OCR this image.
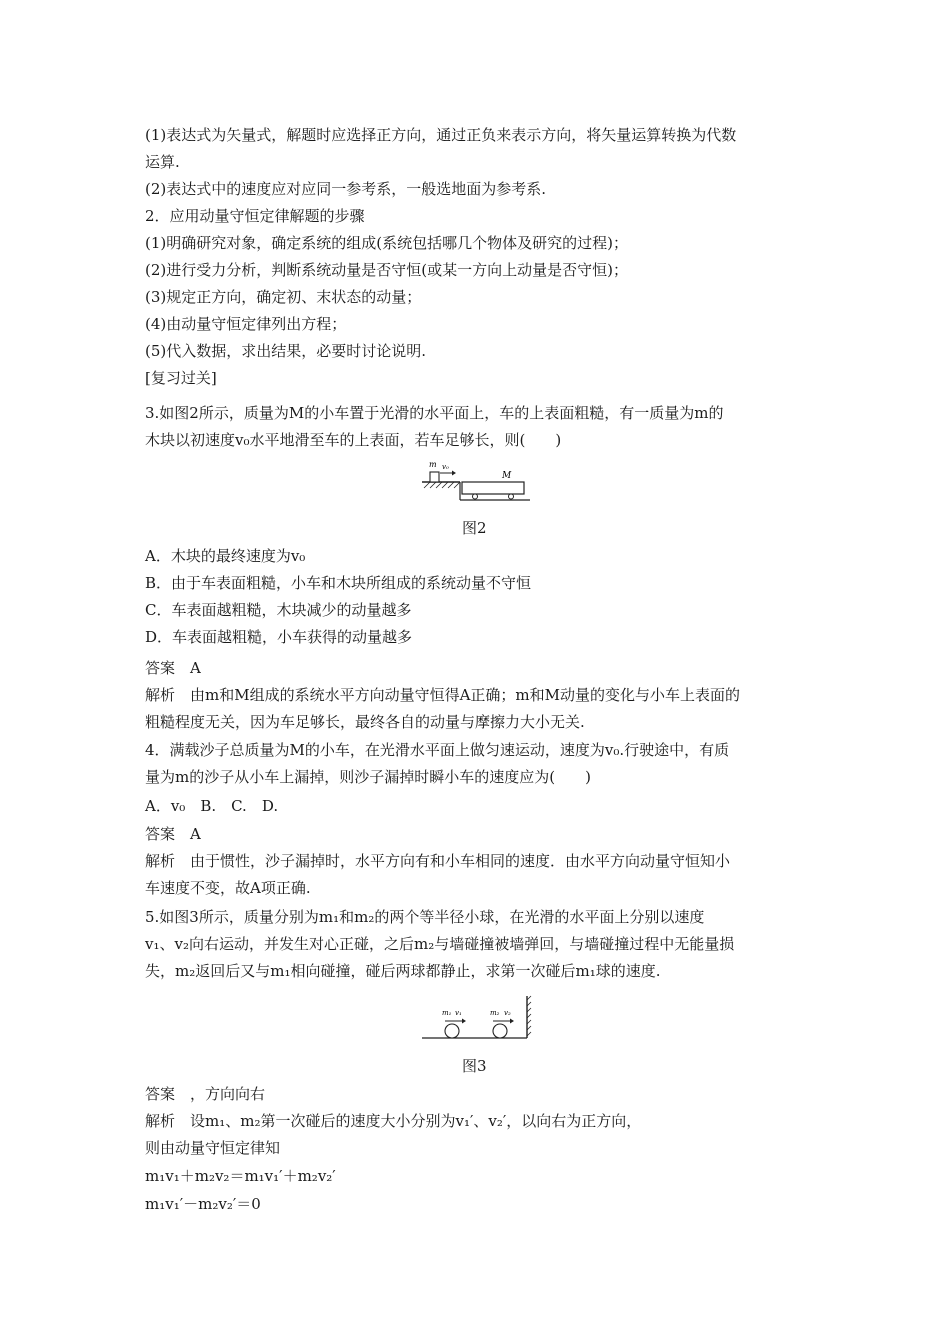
(1)表达式为矢量式，解题时应选择正方向，通过正负来表示方向，将矢量运算转换为代数
运算.
(2)表达式中的速度应对应同一参考系，一般选地面为参考系.
2．应用动量守恒定律解题的步骤
(1)明确研究对象，确定系统的组成(系统包括哪几个物体及研究的过程)；
(2)进行受力分析，判断系统动量是否守恒(或某一方向上动量是否守恒)；
(3)规定正方向，确定初、末状态的动量；
(4)由动量守恒定律列出方程；
(5)代入数据，求出结果，必要时讨论说明.
[复习过关]
3.如图2所示，质量为M的小车置于光滑的水平面上，车的上表面粗糙，有一质量为m的
木块以初速度v₀水平地滑至车的上表面，若车足够长，则(　　)
m v₀
M
图2
A．木块的最终速度为v₀
B．由于车表面粗糙，小车和木块所组成的系统动量不守恒
C．车表面越粗糙，木块减少的动量越多
D．车表面越粗糙，小车获得的动量越多
答案　A
解析　由m和M组成的系统水平方向动量守恒得A正确；m和M动量的变化与小车上表面的
粗糙程度无关，因为车足够长，最终各自的动量与摩擦力大小无关.
4．满载沙子总质量为M的小车，在光滑水平面上做匀速运动，速度为v₀.行驶途中，有质
量为m的沙子从小车上漏掉，则沙子漏掉时瞬小车的速度应为(　　)
A．v₀　B.　C.　D.
答案　A
解析　由于惯性，沙子漏掉时，水平方向有和小车相同的速度．由水平方向动量守恒知小
车速度不变，故A项正确.
5.如图3所示，质量分别为m₁和m₂的两个等半径小球，在光滑的水平面上分别以速度
v₁、v₂向右运动，并发生对心正碰，之后m₂与墙碰撞被墙弹回，与墙碰撞过程中无能量损
失，m₂返回后又与m₁相向碰撞，碰后两球都静止，求第一次碰后m₁球的速度.
m₁ v₁	m₂ v₂
图3
答案　，方向向右
解析　设m₁、m₂第一次碰后的速度大小分别为v₁′、v₂′，以向右为正方向，
则由动量守恒定律知
m₁v₁＋m₂v₂＝m₁v₁′＋m₂v₂′
m₁v₁′－m₂v₂′＝0
